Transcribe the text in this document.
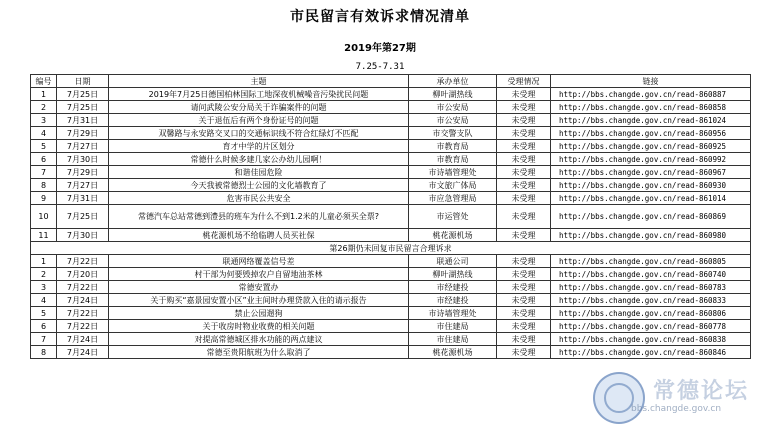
市民留言有效诉求情况清单
2019年第27期
7.25-7.31
编号	日期	主题	承办单位	受理情况	链接
1	7月25日	2019年7月25日德国柏林国际工地深夜机械噪音污染扰民问题	柳叶湖热线	未受理	http://bbs.changde.gov.cn/read-860887
2	7月25日	请问武陵公安分局关于诈骗案件的问题	市公安局	未受理	http://bbs.changde.gov.cn/read-860858
3	7月31日	关于退伍后有两个身份证号的问题	市公安局	未受理	http://bbs.changde.gov.cn/read-861024
4	7月29日	双馨路与永安路交叉口的交通标识线不符合红绿灯不匹配	市交警支队	未受理	http://bbs.changde.gov.cn/read-860956
5	7月27日	育才中学的片区划分	市教育局	未受理	http://bbs.changde.gov.cn/read-860925
6	7月30日	常德什么时候多建几家公办幼儿园啊！	市教育局	未受理	http://bbs.changde.gov.cn/read-860992
7	7月29日	和谐佳园危险	市诗墙管理处	未受理	http://bbs.changde.gov.cn/read-860967
8	7月27日	今天我被常德烈士公园的文化墙教育了	市文旅广体局	未受理	http://bbs.changde.gov.cn/read-860930
9	7月31日	危害市民公共安全	市应急管理局	未受理	http://bbs.changde.gov.cn/read-861014
10	7月25日	常德汽车总站常德到澧县的班车为什么不到1.2米的儿童必须买全票?	市运管处	未受理	http://bbs.changde.gov.cn/read-860869
11	7月30日	桃花源机场不给临聘人员买社保	桃花源机场	未受理	http://bbs.changde.gov.cn/read-860980
第26期仍未回复市民留言合理诉求					
1	7月22日	联通网络覆盖信号差	联通公司	未受理	http://bbs.changde.gov.cn/read-860805
2	7月20日	村干部为何要毁掉农户自留地油茶林	柳叶湖热线	未受理	http://bbs.changde.gov.cn/read-860740
3	7月22日	常德安置办	市经建投	未受理	http://bbs.changde.gov.cn/read-860783
4	7月24日	关于购买“嘉景园安置小区”业主间时办理贷款入住的请示报告	市经建投	未受理	http://bbs.changde.gov.cn/read-860833
5	7月22日	禁止公园遛狗	市诗墙管理处	未受理	http://bbs.changde.gov.cn/read-860806
6	7月22日	关于收房时物业收费的相关问题	市住建局	未受理	http://bbs.changde.gov.cn/read-860778
7	7月24日	对提高常德城区排水功能的两点建议	市住建局	未受理	http://bbs.changde.gov.cn/read-860838
8	7月24日	常德至贵阳航班为什么取消了	桃花源机场	未受理	http://bbs.changde.gov.cn/read-860846
常德论坛
bbs.changde.gov.cn
